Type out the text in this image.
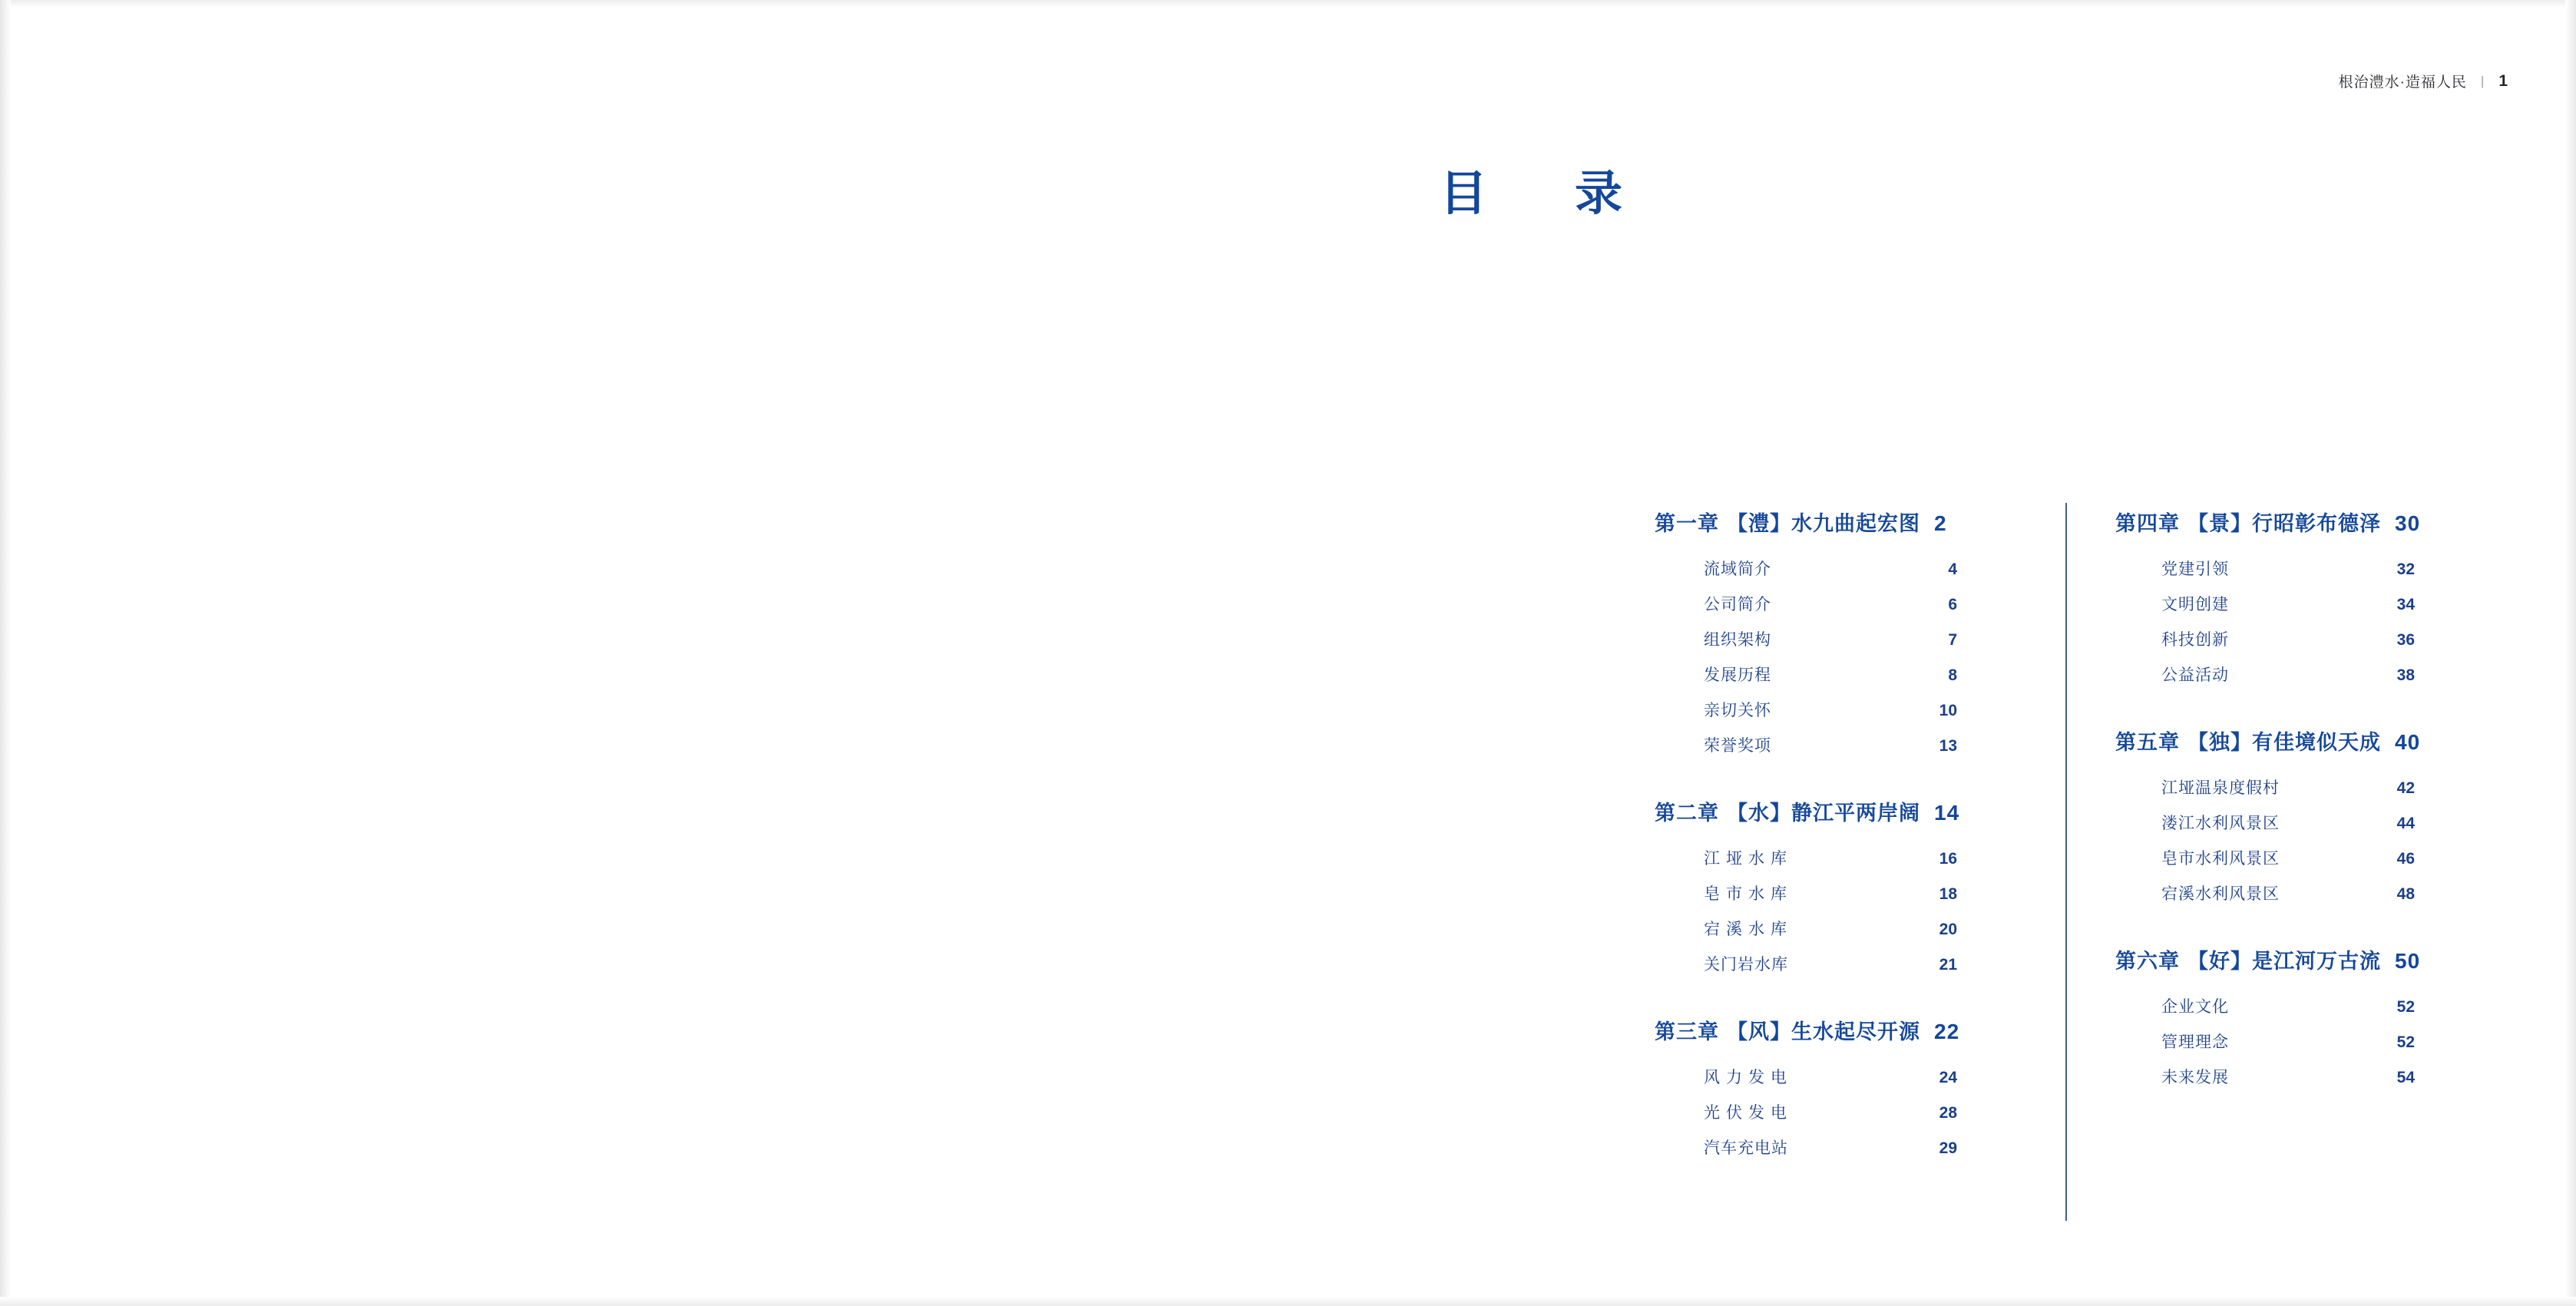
根治澧水·造福人民 | 1
目　录
第一章 【澧】水九曲起宏图 2
流域简介	4
公司简介	6
组织架构	7
发展历程	8
亲切关怀	10
荣誉奖项	13
第二章 【水】静江平两岸阔 14
江垭水库	16
皂市水库	18
宕溪水库	20
关门岩水库	21
第三章 【风】生水起尽开源 22
风力发电	24
光伏发电	28
汽车充电站	29
第四章 【景】行昭彰布德泽 30
党建引领	32
文明创建	34
科技创新	36
公益活动	38
第五章 【独】有佳境似天成 40
江垭温泉度假村	42
溇江水利风景区	44
皂市水利风景区	46
宕溪水利风景区	48
第六章 【好】是江河万古流 50
企业文化	52
管理理念	52
未来发展	54
